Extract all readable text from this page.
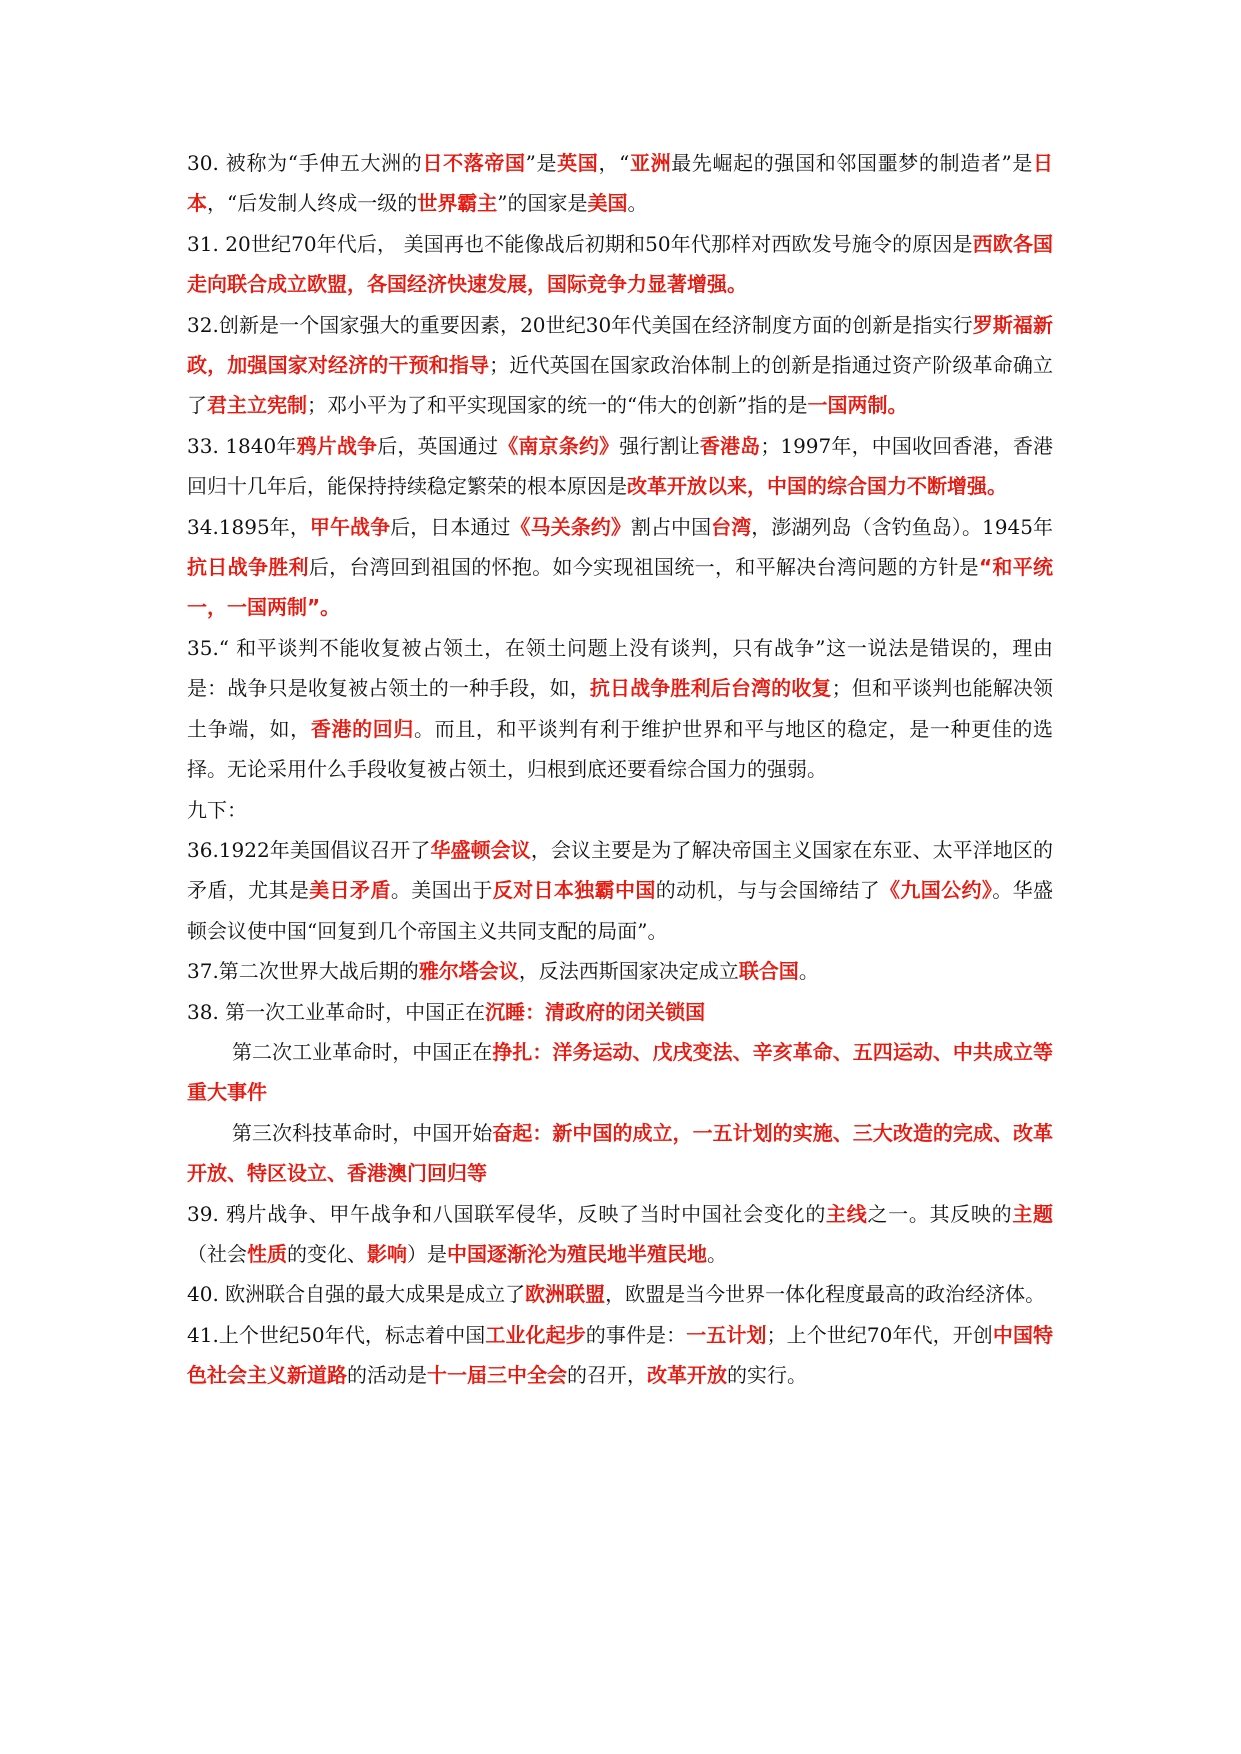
30. 被称为“手伸五大洲的日不落帝国”是英国，“亚洲最先崛起的强国和邻国噩梦的制造者”是日本，“后发制人终成一级的世界霸主”的国家是美国。

31. 20世纪70年代后， 美国再也不能像战后初期和50年代那样对西欧发号施令的原因是西欧各国走向联合成立欧盟，各国经济快速发展，国际竞争力显著增强。

32.创新是一个国家强大的重要因素，20世纪30年代美国在经济制度方面的创新是指实行罗斯福新政，加强国家对经济的干预和指导；近代英国在国家政治体制上的创新是指通过资产阶级革命确立了君主立宪制；邓小平为了和平实现国家的统一的“伟大的创新”指的是一国两制。

33. 1840年鸦片战争后，英国通过《南京条约》强行割让香港岛；1997年，中国收回香港，香港回归十几年后，能保持持续稳定繁荣的根本原因是改革开放以来，中国的综合国力不断增强。

34.1895年，甲午战争后，日本通过《马关条约》割占中国台湾，澎湖列岛（含钓鱼岛）。1945年抗日战争胜利后，台湾回到祖国的怀抱。如今实现祖国统一，和平解决台湾问题的方针是“和平统一，一国两制”。

35.“ 和平谈判不能收复被占领土，在领土问题上没有谈判，只有战争”这一说法是错误的，理由是：战争只是收复被占领土的一种手段，如，抗日战争胜利后台湾的收复；但和平谈判也能解决领土争端，如，香港的回归。而且，和平谈判有利于维护世界和平与地区的稳定，是一种更佳的选择。无论采用什么手段收复被占领土，归根到底还要看综合国力的强弱。

九下：

36.1922年美国倡议召开了华盛顿会议，会议主要是为了解决帝国主义国家在东亚、太平洋地区的矛盾，尤其是美日矛盾。美国出于反对日本独霸中国的动机，与与会国缔结了《九国公约》。华盛顿会议使中国“回复到几个帝国主义共同支配的局面”。

37.第二次世界大战后期的雅尔塔会议，反法西斯国家决定成立联合国。

38. 第一次工业革命时，中国正在沉睡：清政府的闭关锁国

第二次工业革命时，中国正在挣扎：洋务运动、戊戌变法、辛亥革命、五四运动、中共成立等重大事件

第三次科技革命时，中国开始奋起：新中国的成立，一五计划的实施、三大改造的完成、改革开放、特区设立、香港澳门回归等

39. 鸦片战争、甲午战争和八国联军侵华，反映了当时中国社会变化的主线之一。其反映的主题（社会性质的变化、影响）是中国逐渐沦为殖民地半殖民地。

40. 欧洲联合自强的最大成果是成立了欧洲联盟，欧盟是当今世界一体化程度最高的政治经济体。

41.上个世纪50年代，标志着中国工业化起步的事件是：一五计划；上个世纪70年代，开创中国特色社会主义新道路的活动是十一届三中全会的召开，改革开放的实行。
